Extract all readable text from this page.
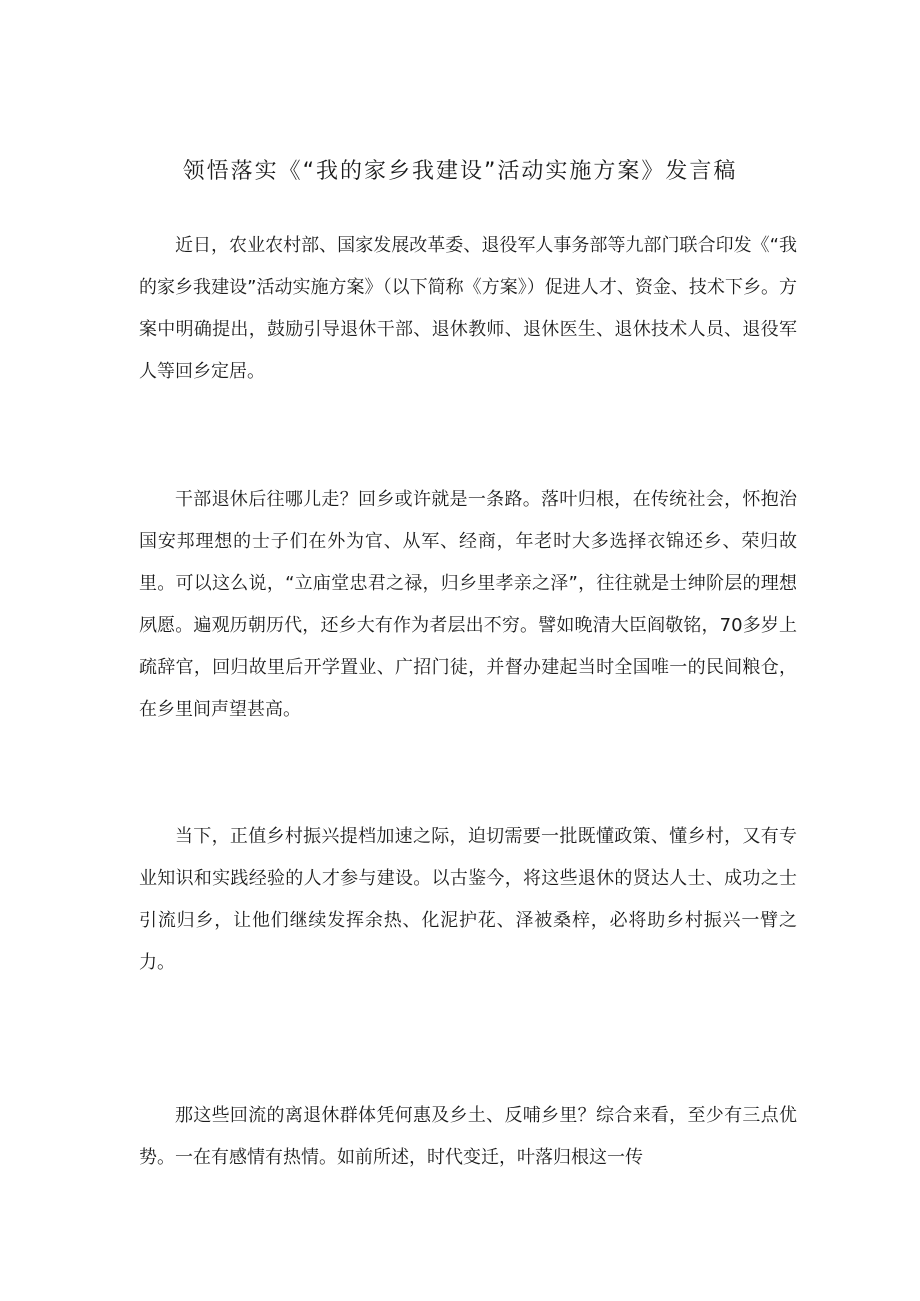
领悟落实《“我的家乡我建设”活动实施方案》发言稿

近日，农业农村部、国家发展改革委、退役军人事务部等九部门联合印发《“我的家乡我建设”活动实施方案》（以下简称《方案》）促进人才、资金、技术下乡。方案中明确提出，鼓励引导退休干部、退休教师、退休医生、退休技术人员、退役军人等回乡定居。

干部退休后往哪儿走？回乡或许就是一条路。落叶归根，在传统社会，怀抱治国安邦理想的士子们在外为官、从军、经商，年老时大多选择衣锦还乡、荣归故里。可以这么说，“立庙堂忠君之禄，归乡里孝亲之泽”，往往就是士绅阶层的理想夙愿。遍观历朝历代，还乡大有作为者层出不穷。譬如晚清大臣阎敬铭，70多岁上疏辞官，回归故里后开学置业、广招门徒，并督办建起当时全国唯一的民间粮仓，在乡里间声望甚高。

当下，正值乡村振兴提档加速之际，迫切需要一批既懂政策、懂乡村，又有专业知识和实践经验的人才参与建设。以古鉴今，将这些退休的贤达人士、成功之士引流归乡，让他们继续发挥余热、化泥护花、泽被桑梓，必将助乡村振兴一臂之力。

那这些回流的离退休群体凭何惠及乡土、反哺乡里？综合来看，至少有三点优势。一在有感情有热情。如前所述，时代变迁，叶落归根这一传
